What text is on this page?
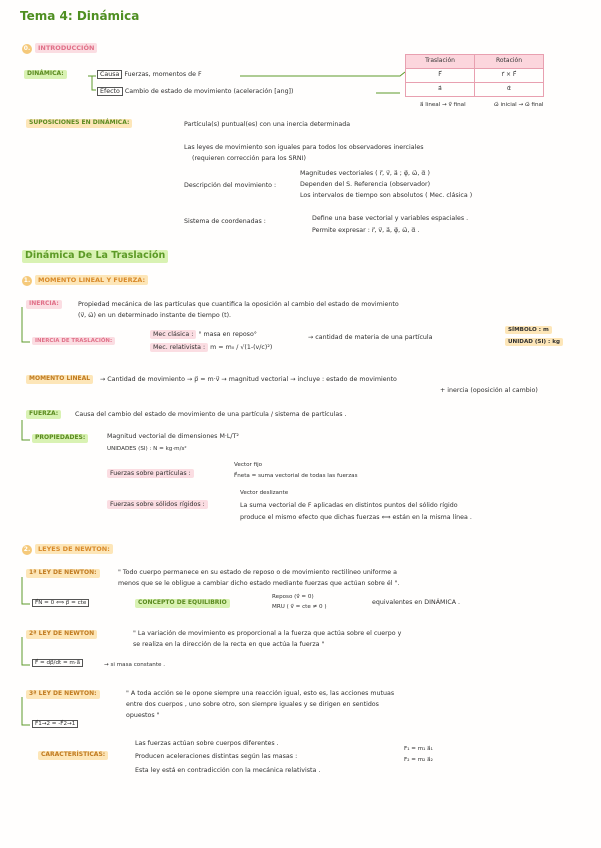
Tema 4: Dinámica
0. INTRODUCCIÓN
DINÁMICA:	Causa Fuerzas, momentos de F
Efecto Cambio de estado de movimiento (aceleración [ang])
Traslación	Rotación
F⃗	r⃗ × F⃗
a⃗	α⃗
a⃗ lineal → v⃗ final	ω⃗ inicial → ω⃗ final
SUPOSICIONES EN DINÁMICA:	Partícula(s) puntual(es) con una inercia determinada
Las leyes de movimiento son iguales para todos los observadores inerciales
(requieren corrección para los SRNI)
Descripción del movimiento :
Magnitudes vectoriales ( r⃗, v⃗, a⃗ ; φ⃗, ω⃗, α⃗ )
Dependen del S. Referencia (observador)
Los intervalos de tiempo son absolutos ( Mec. clásica )
Sistema de coordenadas :	Define una base vectorial y variables espaciales .
Permite expresar : r⃗, v⃗, a⃗, φ⃗, ω⃗, α⃗ .
Dinámica De La Traslación
1. MOMENTO LINEAL Y FUERZA:
INERCIA:	Propiedad mecánica de las partículas que cuantifica la oposición al cambio del estado de movimiento
(v⃗, ω⃗) en un determinado instante de tiempo (t).
INERCIA DE TRASLACIÓN:
Mec clásica : ° masa en reposo°
Mec. relativista : m = m₀ / √(1-(v/c)²)
→ cantidad de materia de una partícula
SÍMBOLO : m
UNIDAD (SI) : kg
MOMENTO LINEAL	→ Cantidad de movimiento → p⃗ = m·v⃗ → magnitud vectorial → incluye : estado de movimiento
+ inercia (oposición al cambio)
FUERZA:	Causa del cambio del estado de movimiento de una partícula / sistema de partículas .
PROPIEDADES:	Magnitud vectorial de dimensiones M·L/T²
UNIDADES (SI) : N = kg·m/s²
Fuerzas sobre partículas :
Vector fijo
F⃗neta = suma vectorial de todas las fuerzas
Fuerzas sobre sólidos rígidos :
Vector deslizante
La suma vectorial de F aplicadas en distintos puntos del sólido rígido
produce el mismo efecto que dichas fuerzas ⟺ están en la misma línea .
2. LEYES DE NEWTON:
1ª LEY DE NEWTON:	" Todo cuerpo permanece en su estado de reposo o de movimiento rectilíneo uniforme a
menos que se le obligue a cambiar dicho estado mediante fuerzas que actúan sobre él ".
F⃗N = 0 ⟺ p⃗ = cte	CONCEPTO DE EQUILIBRIO
Reposo (v⃗ = 0)
MRU ( v⃗ = cte ≠ 0 )
equivalentes en DINÁMICA .
2ª LEY DE NEWTON	" La variación de movimiento es proporcional a la fuerza que actúa sobre el cuerpo y
se realiza en la dirección de la recta en que actúa la fuerza "
F⃗ = dp⃗/dt = m·a⃗	→ si masa constante .
3ª LEY DE NEWTON:	" A toda acción se le opone siempre una reacción igual, esto es, las acciones mutuas
entre dos cuerpos , uno sobre otro, son siempre iguales y se dirigen en sentidos
opuestos "
F⃗1→2 = -F⃗2→1
CARACTERÍSTICAS:
Las fuerzas actúan sobre cuerpos diferentes .
Producen aceleraciones distintas según las masas :
F₁ = m₁ a⃗₁
F₂ = m₂ a⃗₂
Esta ley está en contradicción con la mecánica relativista .
